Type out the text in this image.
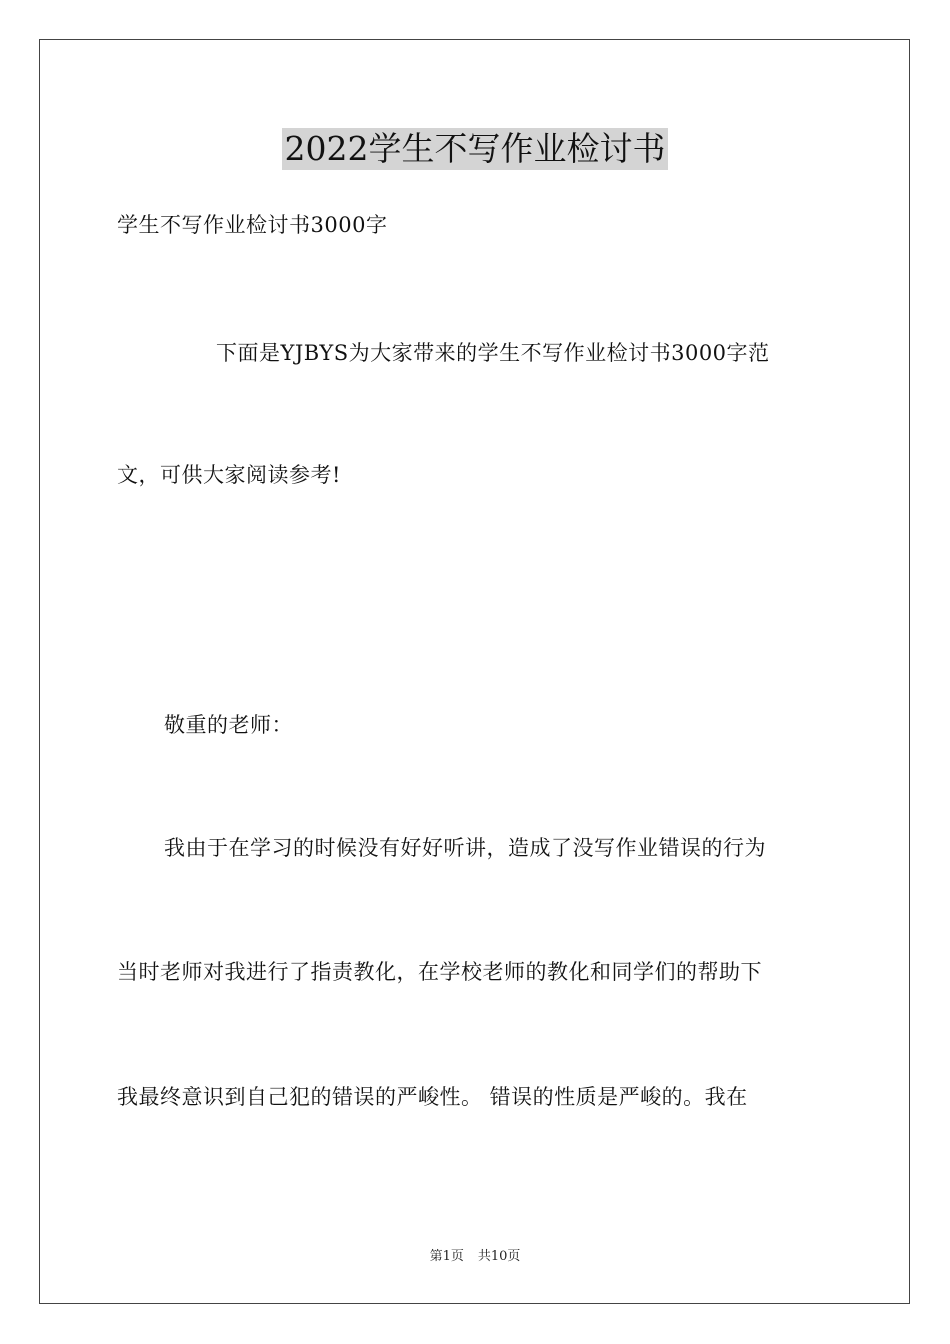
2022学生不写作业检讨书
学生不写作业检讨书3000字
下面是YJBYS为大家带来的学生不写作业检讨书3000字范
文，可供大家阅读参考!
敬重的老师：
我由于在学习的时候没有好好听讲，造成了没写作业错误的行为
当时老师对我进行了指责教化，在学校老师的教化和同学们的帮助下
我最终意识到自己犯的错误的严峻性。 错误的性质是严峻的。我在
第1页 共10页
